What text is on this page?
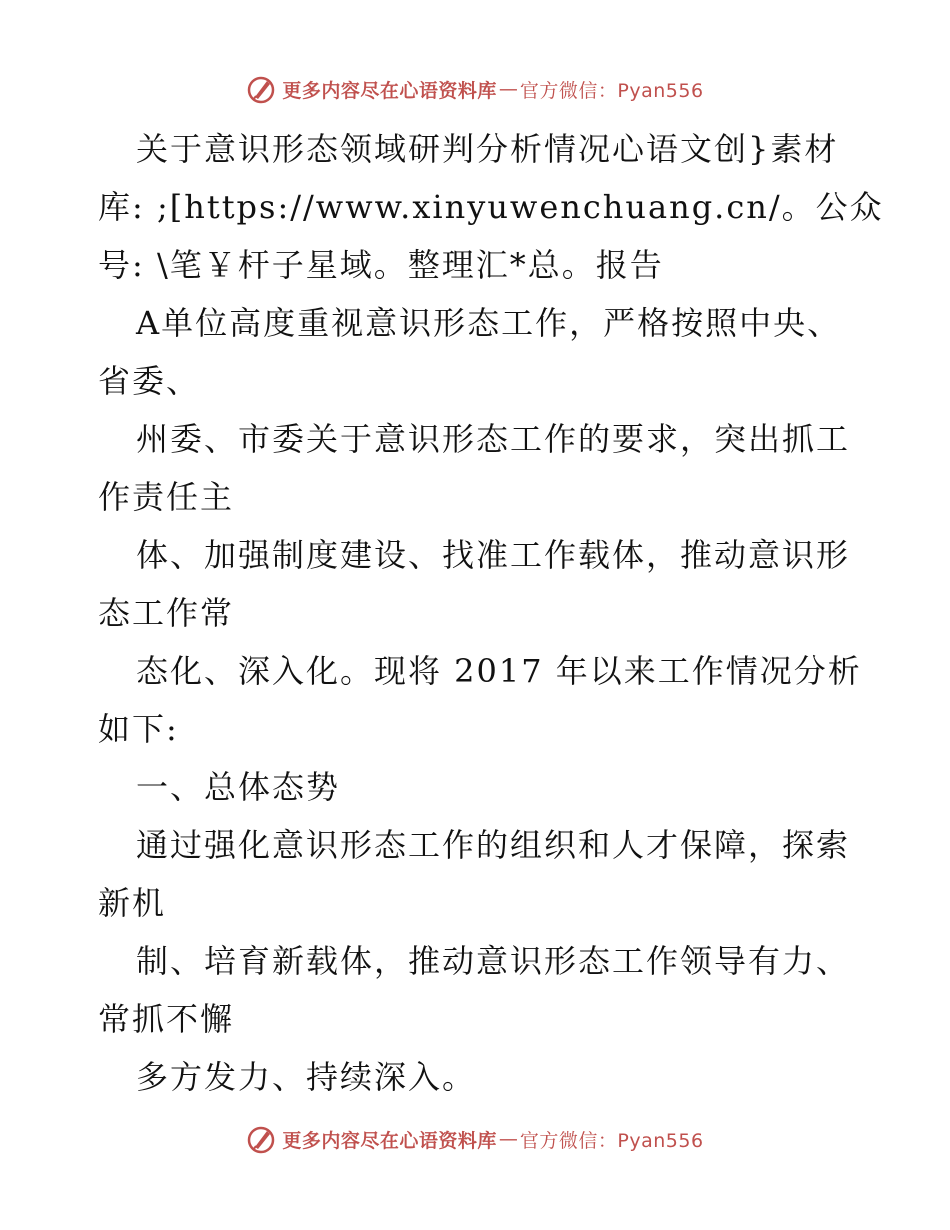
更多内容尽在心语资料库 — 官方微信：Pyan556
关于意识形态领域研判分析情况心语文创}素材
库: ;[https://www.xinyuwenchuang.cn/。公众
号: \笔￥杆子星域。整理汇*总。报告
A单位高度重视意识形态工作，严格按照中央、
省委、
州委、市委关于意识形态工作的要求，突出抓工
作责任主
体、加强制度建设、找准工作载体，推动意识形
态工作常
态化、深入化。现将 2017 年以来工作情况分析
如下:
一、总体态势
通过强化意识形态工作的组织和人才保障，探索
新机
制、培育新载体，推动意识形态工作领导有力、
常抓不懈
多方发力、持续深入。
更多内容尽在心语资料库 — 官方微信：Pyan556
